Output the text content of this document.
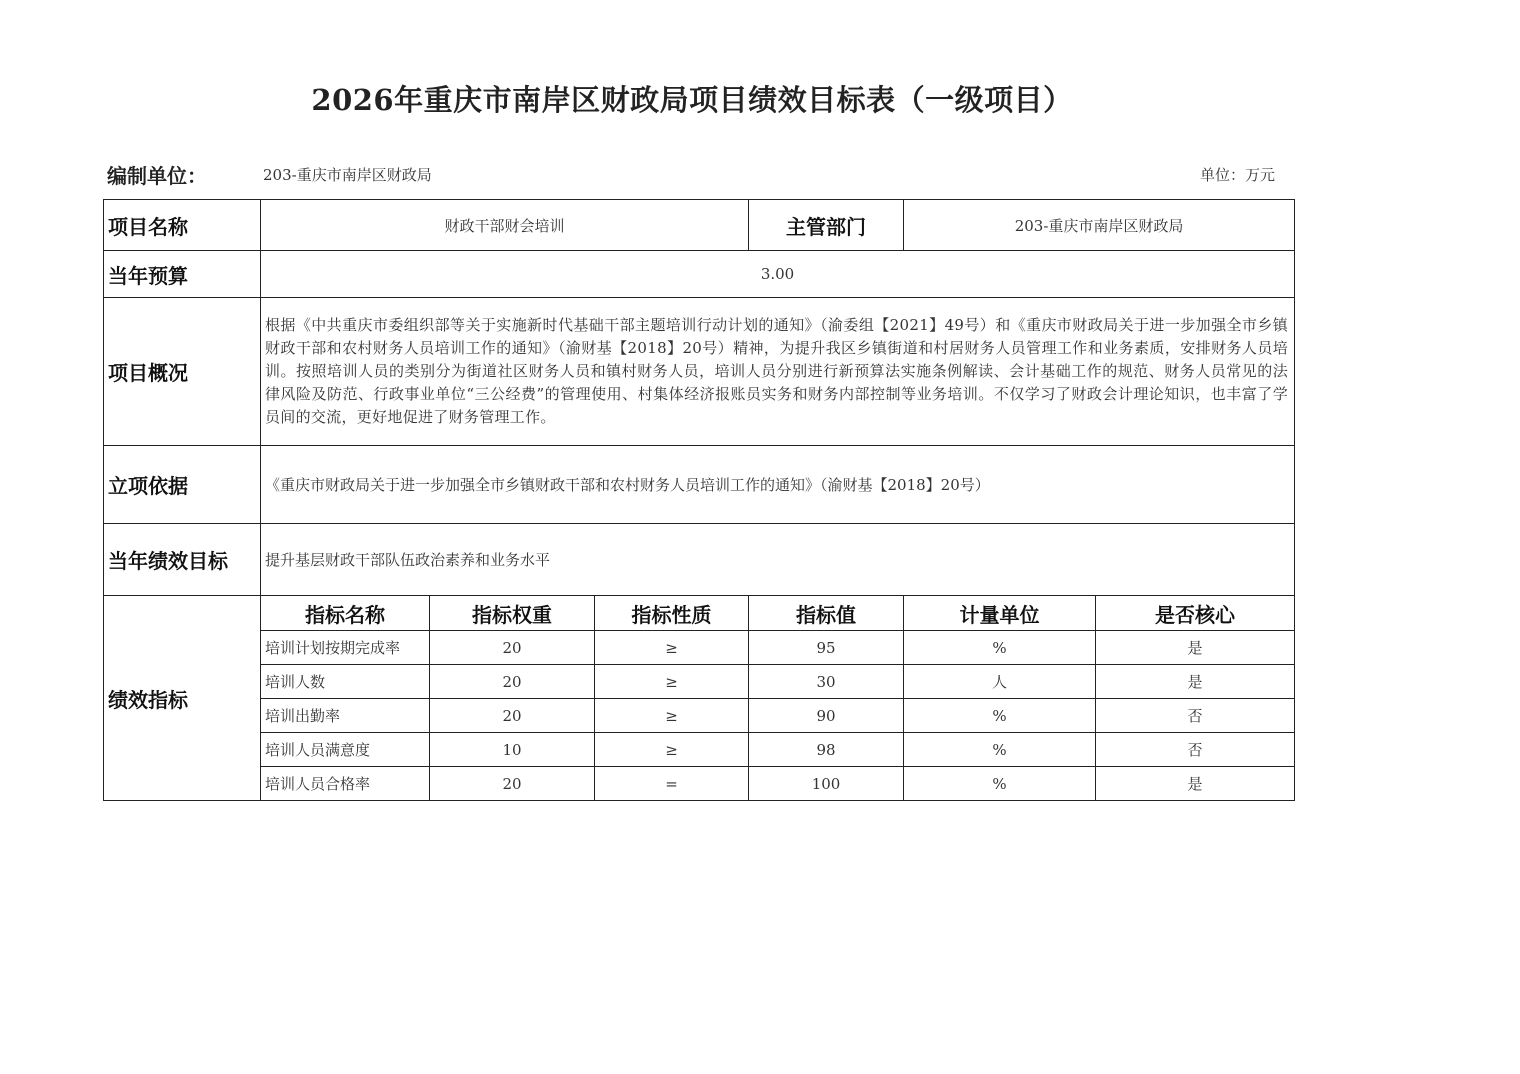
2026年重庆市南岸区财政局项目绩效目标表（一级项目）
编制单位：	203-重庆市南岸区财政局	单位：万元
项目名称	财政干部财会培训			主管部门	203-重庆市南岸区财政局	
当年预算	3.00					
项目概况	根据《中共重庆市委组织部等关于实施新时代基础干部主题培训行动计划的通知》（渝委组【2021】49号）和《重庆市财政局关于进一步加强全市乡镇财政干部和农村财务人员培训工作的通知》（渝财基【2018】20号）精神，为提升我区乡镇街道和村居财务人员管理工作和业务素质，安排财务人员培训。按照培训人员的类别分为街道社区财务人员和镇村财务人员，培训人员分别进行新预算法实施条例解读、会计基础工作的规范、财务人员常见的法律风险及防范、行政事业单位“三公经费”的管理使用、村集体经济报账员实务和财务内部控制等业务培训。不仅学习了财政会计理论知识，也丰富了学员间的交流，更好地促进了财务管理工作。					
立项依据	《重庆市财政局关于进一步加强全市乡镇财政干部和农村财务人员培训工作的通知》（渝财基【2018】20号）					
当年绩效目标	提升基层财政干部队伍政治素养和业务水平					
绩效指标	指标名称	指标权重	指标性质	指标值	计量单位	是否核心
	培训计划按期完成率	20	≥	95	%	是
	培训人数	20	≥	30	人	是
	培训出勤率	20	≥	90	%	否
	培训人员满意度	10	≥	98	%	否
	培训人员合格率	20	=	100	%	是
